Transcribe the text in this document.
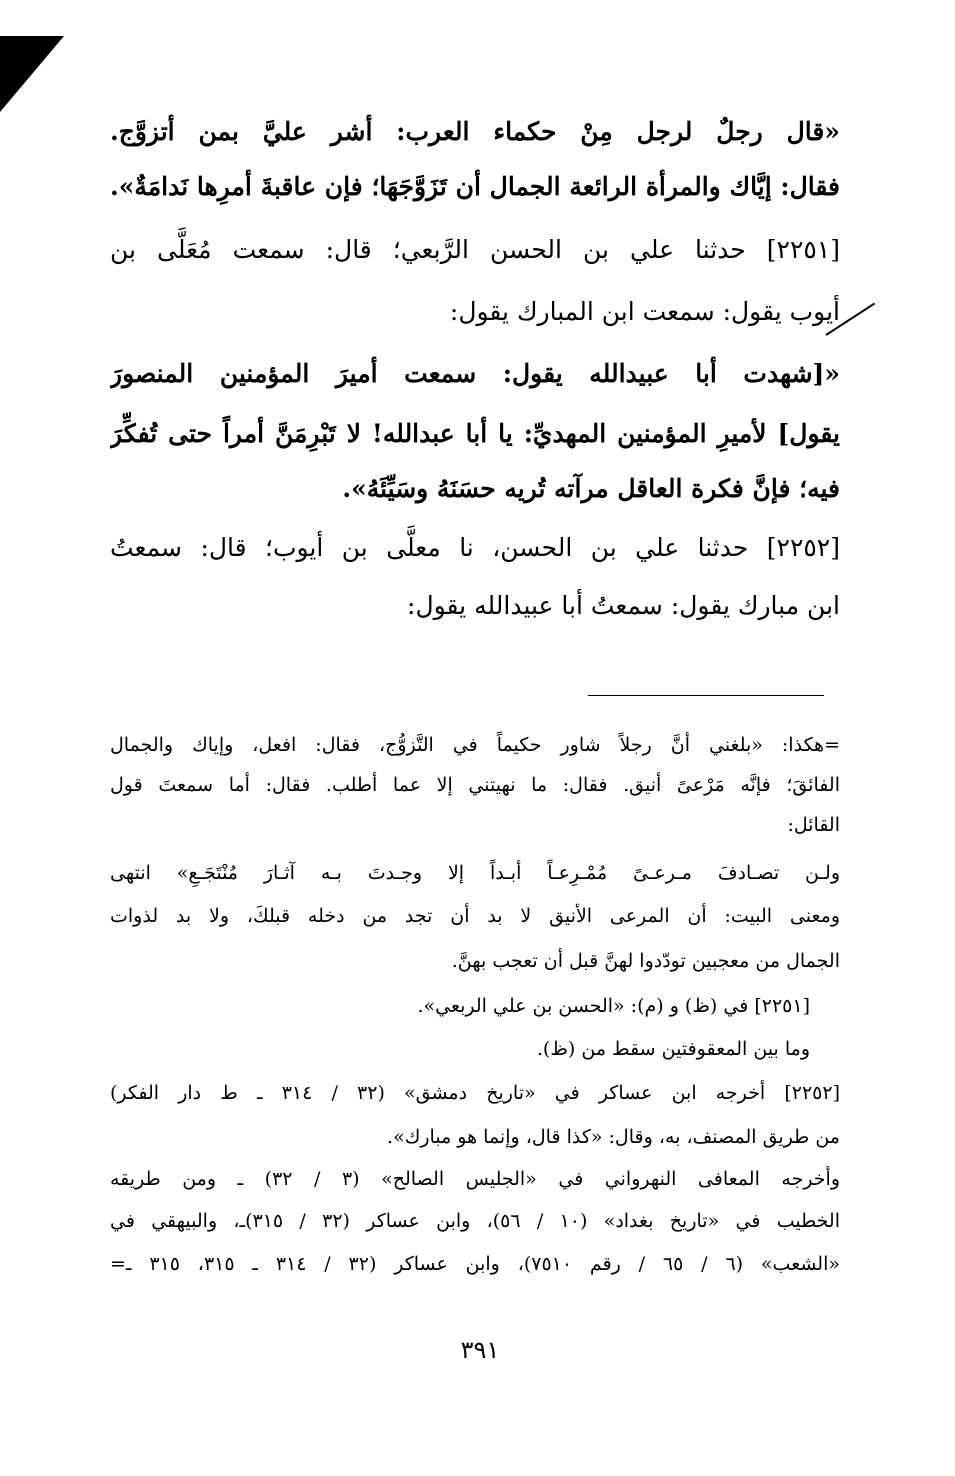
«قال رجلٌ لرجل مِنْ حكماء العرب: أشر عليَّ بمن أتزوَّج.
فقال: إيَّاك والمرأة الرائعة الجمال أن تَزَوَّجَهَا؛ فإن عاقبةَ أمرِها نَدامَةٌ».
[٢٢٥١] حدثنا علي بن الحسن الرَّبعي؛ قال: سمعت مُعَلَّى بن
أيوب يقول: سمعت ابن المبارك يقول:
«[شهدت أبا عبيدالله يقول: سمعت أميرَ المؤمنين المنصورَ
يقول] لأميرِ المؤمنين المهديِّ: يا أبا عبدالله! لا تَبْرِمَنَّ أمراً حتى تُفكِّرَ
فيه؛ فإنَّ فكرة العاقل مرآته تُريه حسَنَهُ وسَيِّئَهُ».
[٢٢٥٢] حدثنا علي بن الحسن، نا معلَّى بن أيوب؛ قال: سمعتُ
ابن مبارك يقول: سمعتُ أبا عبيدالله يقول:
=هكذا: «بلغني أنَّ رجلاً شاور حكيماً في التَّزوُّج، فقال: افعل، وإياك والجمال
الفائقَ؛ فإنَّه مَرْعىً أنيق. فقال: ما نهيتني إلا عما أطلب. فقال: أما سمعتَ قول
القائل:
ولـن تصـادفَ مـرعـىً مُمْـرِعـاً أبـداً إلا وجـدتَ بـه آثـارَ مُنْتَجَـعِ» انتهى
ومعنى البيت: أن المرعى الأنيق لا بد أن تجد من دخله قبلكَ، ولا بد لذوات
الجمال من معجبين تودّدوا لهنَّ قبل أن تعجب بهنَّ.
[٢٢٥١] في (ظ) و (م): «الحسن بن علي الربعي».
وما بين المعقوفتين سقط من (ظ).
[٢٢٥٢] أخرجه ابن عساكر في «تاريخ دمشق» (٣٢ / ٣١٤ ـ ط دار الفكر)
من طريق المصنف، به، وقال: «كذا قال، وإنما هو مبارك».
وأخرجه المعافى النهرواني في «الجليس الصالح» (٣ / ٣٢) ـ ومن طريقه
الخطيب في «تاريخ بغداد» (١٠ / ٥٦)، وابن عساكر (٣٢ / ٣١٥)ـ، والبيهقي في
«الشعب» (٦ / ٦٥ / رقم ٧٥١٠)، وابن عساكر (٣٢ / ٣١٤ ـ ٣١٥، ٣١٥ ـ=
٣٩١
